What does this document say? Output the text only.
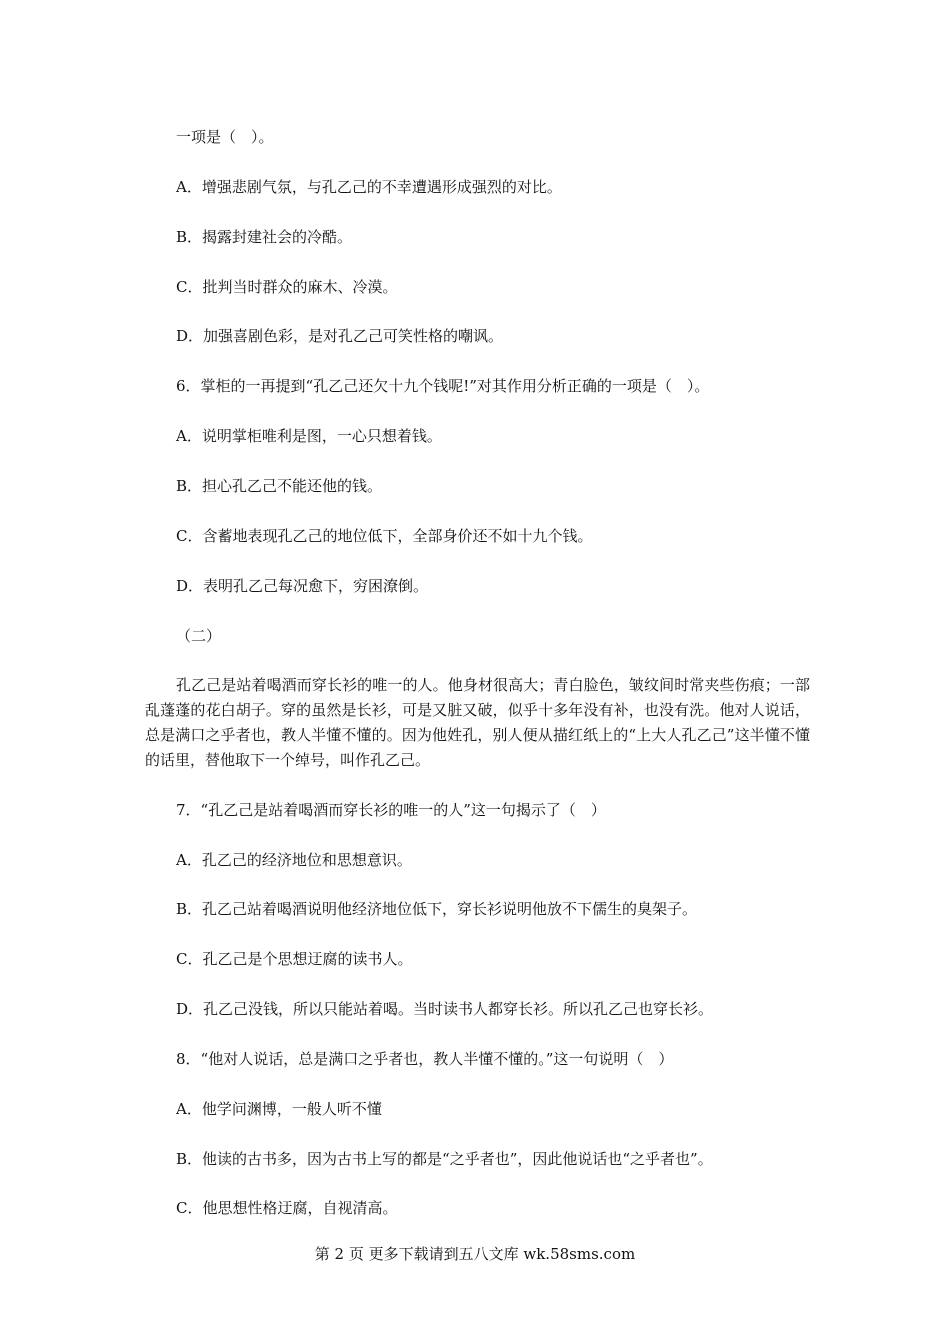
一项是（　）。

A．增强悲剧气氛，与孔乙己的不幸遭遇形成强烈的对比。

B．揭露封建社会的冷酷。

C．批判当时群众的麻木、冷漠。

D．加强喜剧色彩，是对孔乙己可笑性格的嘲讽。

6．掌柜的一再提到“孔乙己还欠十九个钱呢!”对其作用分析正确的一项是（　）。

A．说明掌柜唯利是图，一心只想着钱。

B．担心孔乙己不能还他的钱。

C．含蓄地表现孔乙己的地位低下，全部身价还不如十九个钱。

D．表明孔乙己每况愈下，穷困潦倒。

（二）

孔乙己是站着喝酒而穿长衫的唯一的人。他身材很高大；青白脸色，皱纹间时常夹些伤痕；一部乱蓬蓬的花白胡子。穿的虽然是长衫，可是又脏又破，似乎十多年没有补，也没有洗。他对人说话，总是满口之乎者也，教人半懂不懂的。因为他姓孔，别人便从描红纸上的“上大人孔乙己”这半懂不懂的话里，替他取下一个绰号，叫作孔乙己。

7．“孔乙己是站着喝酒而穿长衫的唯一的人”这一句揭示了（　）

A．孔乙己的经济地位和思想意识。

B．孔乙己站着喝酒说明他经济地位低下，穿长衫说明他放不下儒生的臭架子。

C．孔乙己是个思想迂腐的读书人。

D．孔乙己没钱，所以只能站着喝。当时读书人都穿长衫。所以孔乙己也穿长衫。

8．“他对人说话，总是满口之乎者也，教人半懂不懂的。”这一句说明（　）

A．他学问渊博，一般人听不懂

B．他读的古书多，因为古书上写的都是“之乎者也”，因此他说话也“之乎者也”。

C．他思想性格迂腐，自视清高。

第 2 页 更多下载请到五八文库 wk.58sms.com
